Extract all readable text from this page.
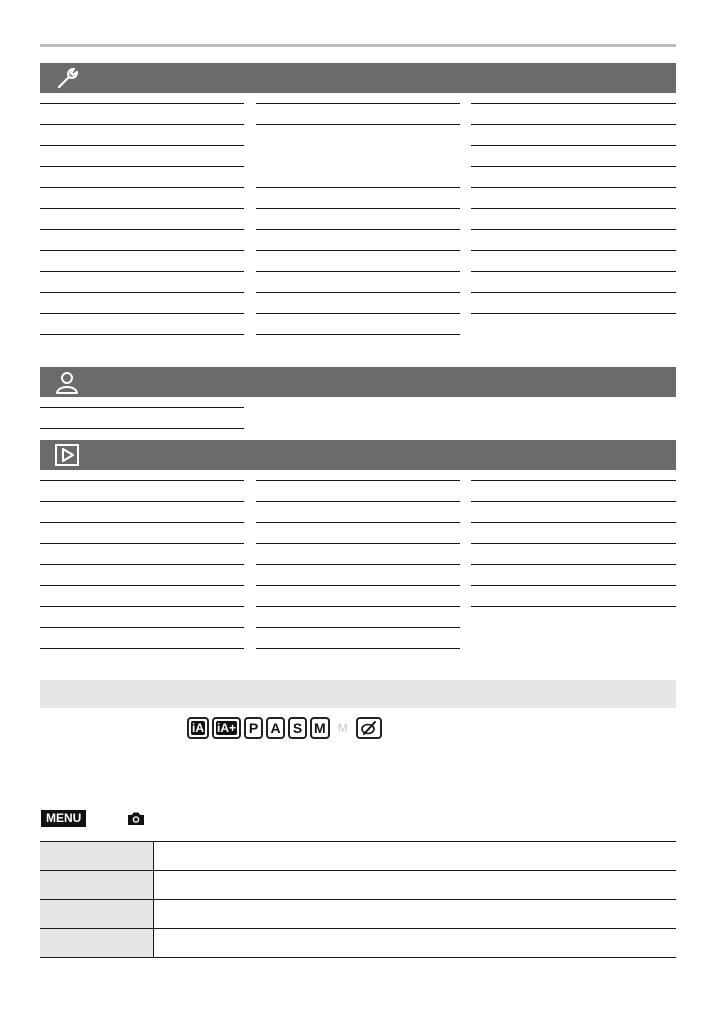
iA iA+ P A S M	M
MENU
